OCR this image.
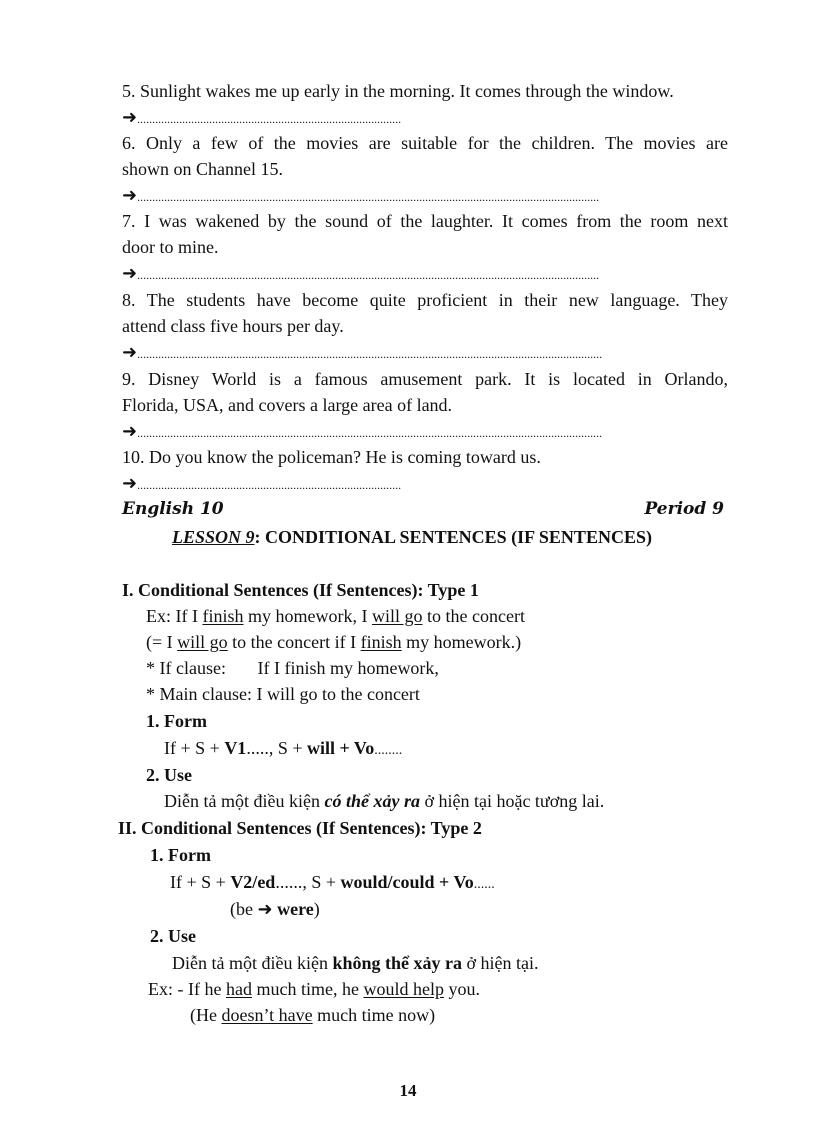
5. Sunlight wakes me up early in the morning. It comes through the window.
➜........................................................................................
6. Only a few of the movies are suitable for the children. The movies are
shown on Channel 15.
➜..........................................................................................................................................................
7. I was wakened by the sound of the laughter. It comes from the room next
door to mine.
➜..........................................................................................................................................................
8. The students have become quite proficient in their new language. They
attend class five hours per day.
➜...........................................................................................................................................................
9. Disney World is a famous amusement park. It is located in Orlando,
Florida, USA, and covers a large area of land.
➜...........................................................................................................................................................
10. Do you know the policeman? He is coming toward us.
➜........................................................................................
English 10	Period 9
LESSON 9: CONDITIONAL SENTENCES (IF SENTENCES)
I. Conditional Sentences (If Sentences): Type 1
Ex: If I finish my homework, I will go to the concert
(= I will go to the concert if I finish my homework.)
* If clause:       If I finish my homework,
* Main clause: I will go to the concert
1. Form
If + S + V1....., S + will + Vo........
2. Use
Diễn tả một điều kiện có thể xảy ra ở hiện tại hoặc tương lai.
II. Conditional Sentences (If Sentences): Type 2
1. Form
If + S + V2/ed......, S + would/could + Vo......
(be ➜ were)
2. Use
Diễn tả một điều kiện không thể xảy ra ở hiện tại.
Ex: - If he had much time, he would help you.
(He doesn’t have much time now)
14
